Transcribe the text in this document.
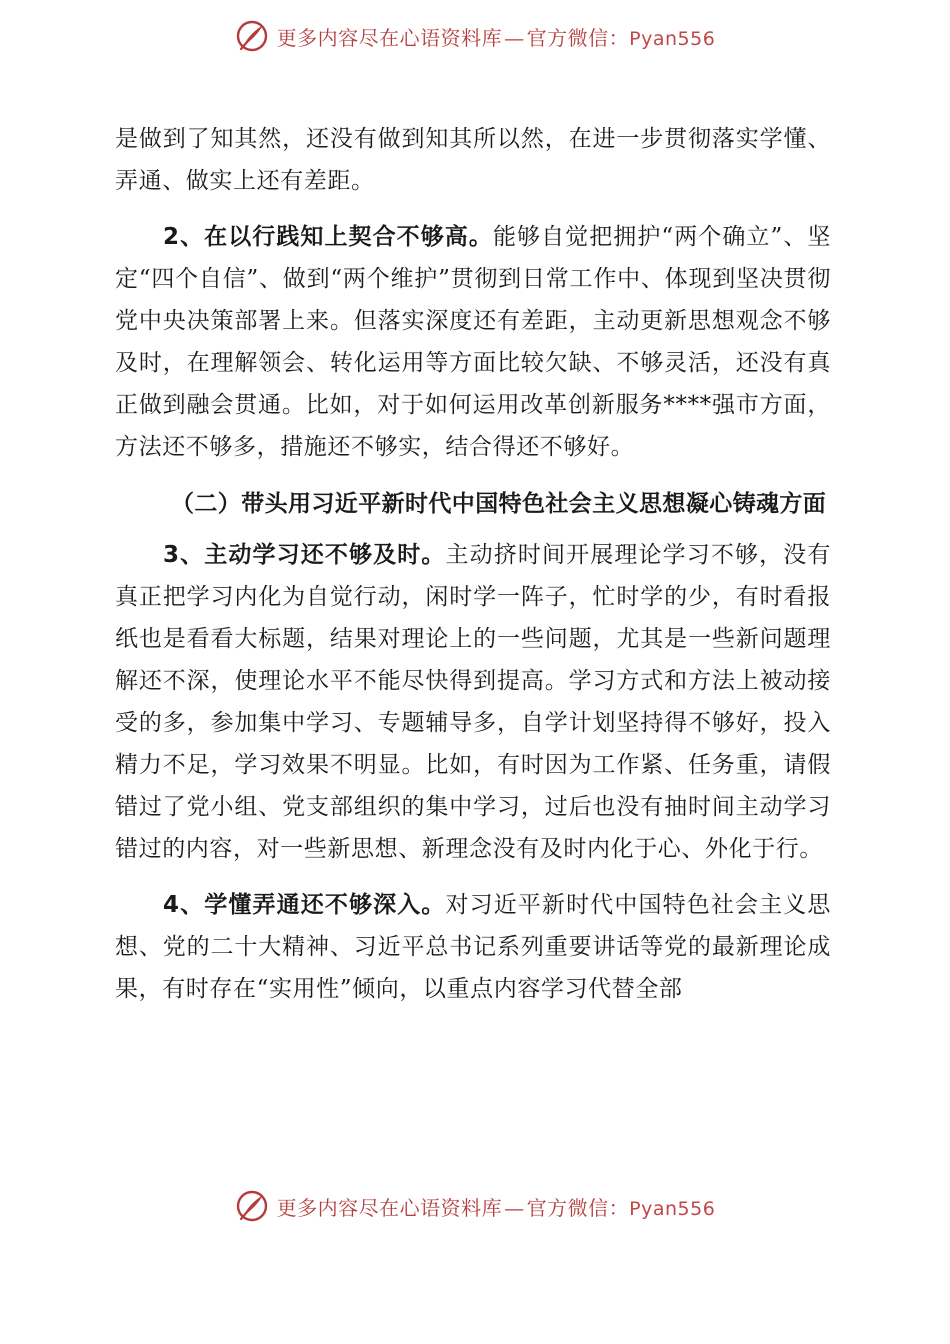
更多内容尽在心语资料库 — 官方微信：Pyan556

是做到了知其然，还没有做到知其所以然，在进一步贯彻落实学懂、弄通、做实上还有差距。

2、在以行践知上契合不够高。能够自觉把拥护“两个确立”、坚定“四个自信”、做到“两个维护”贯彻到日常工作中、体现到坚决贯彻党中央决策部署上来。但落实深度还有差距，主动更新思想观念不够及时，在理解领会、转化运用等方面比较欠缺、不够灵活，还没有真正做到融会贯通。比如，对于如何运用改革创新服务****强市方面，方法还不够多，措施还不够实，结合得还不够好。

（二）带头用习近平新时代中国特色社会主义思想凝心铸魂方面

3、主动学习还不够及时。主动挤时间开展理论学习不够，没有真正把学习内化为自觉行动，闲时学一阵子，忙时学的少，有时看报纸也是看看大标题，结果对理论上的一些问题，尤其是一些新问题理解还不深，使理论水平不能尽快得到提高。学习方式和方法上被动接受的多，参加集中学习、专题辅导多，自学计划坚持得不够好，投入精力不足，学习效果不明显。比如，有时因为工作紧、任务重，请假错过了党小组、党支部组织的集中学习，过后也没有抽时间主动学习错过的内容，对一些新思想、新理念没有及时内化于心、外化于行。

4、学懂弄通还不够深入。对习近平新时代中国特色社会主义思想、党的二十大精神、习近平总书记系列重要讲话等党的最新理论成果，有时存在“实用性”倾向，以重点内容学习代替全部

更多内容尽在心语资料库 — 官方微信：Pyan556
